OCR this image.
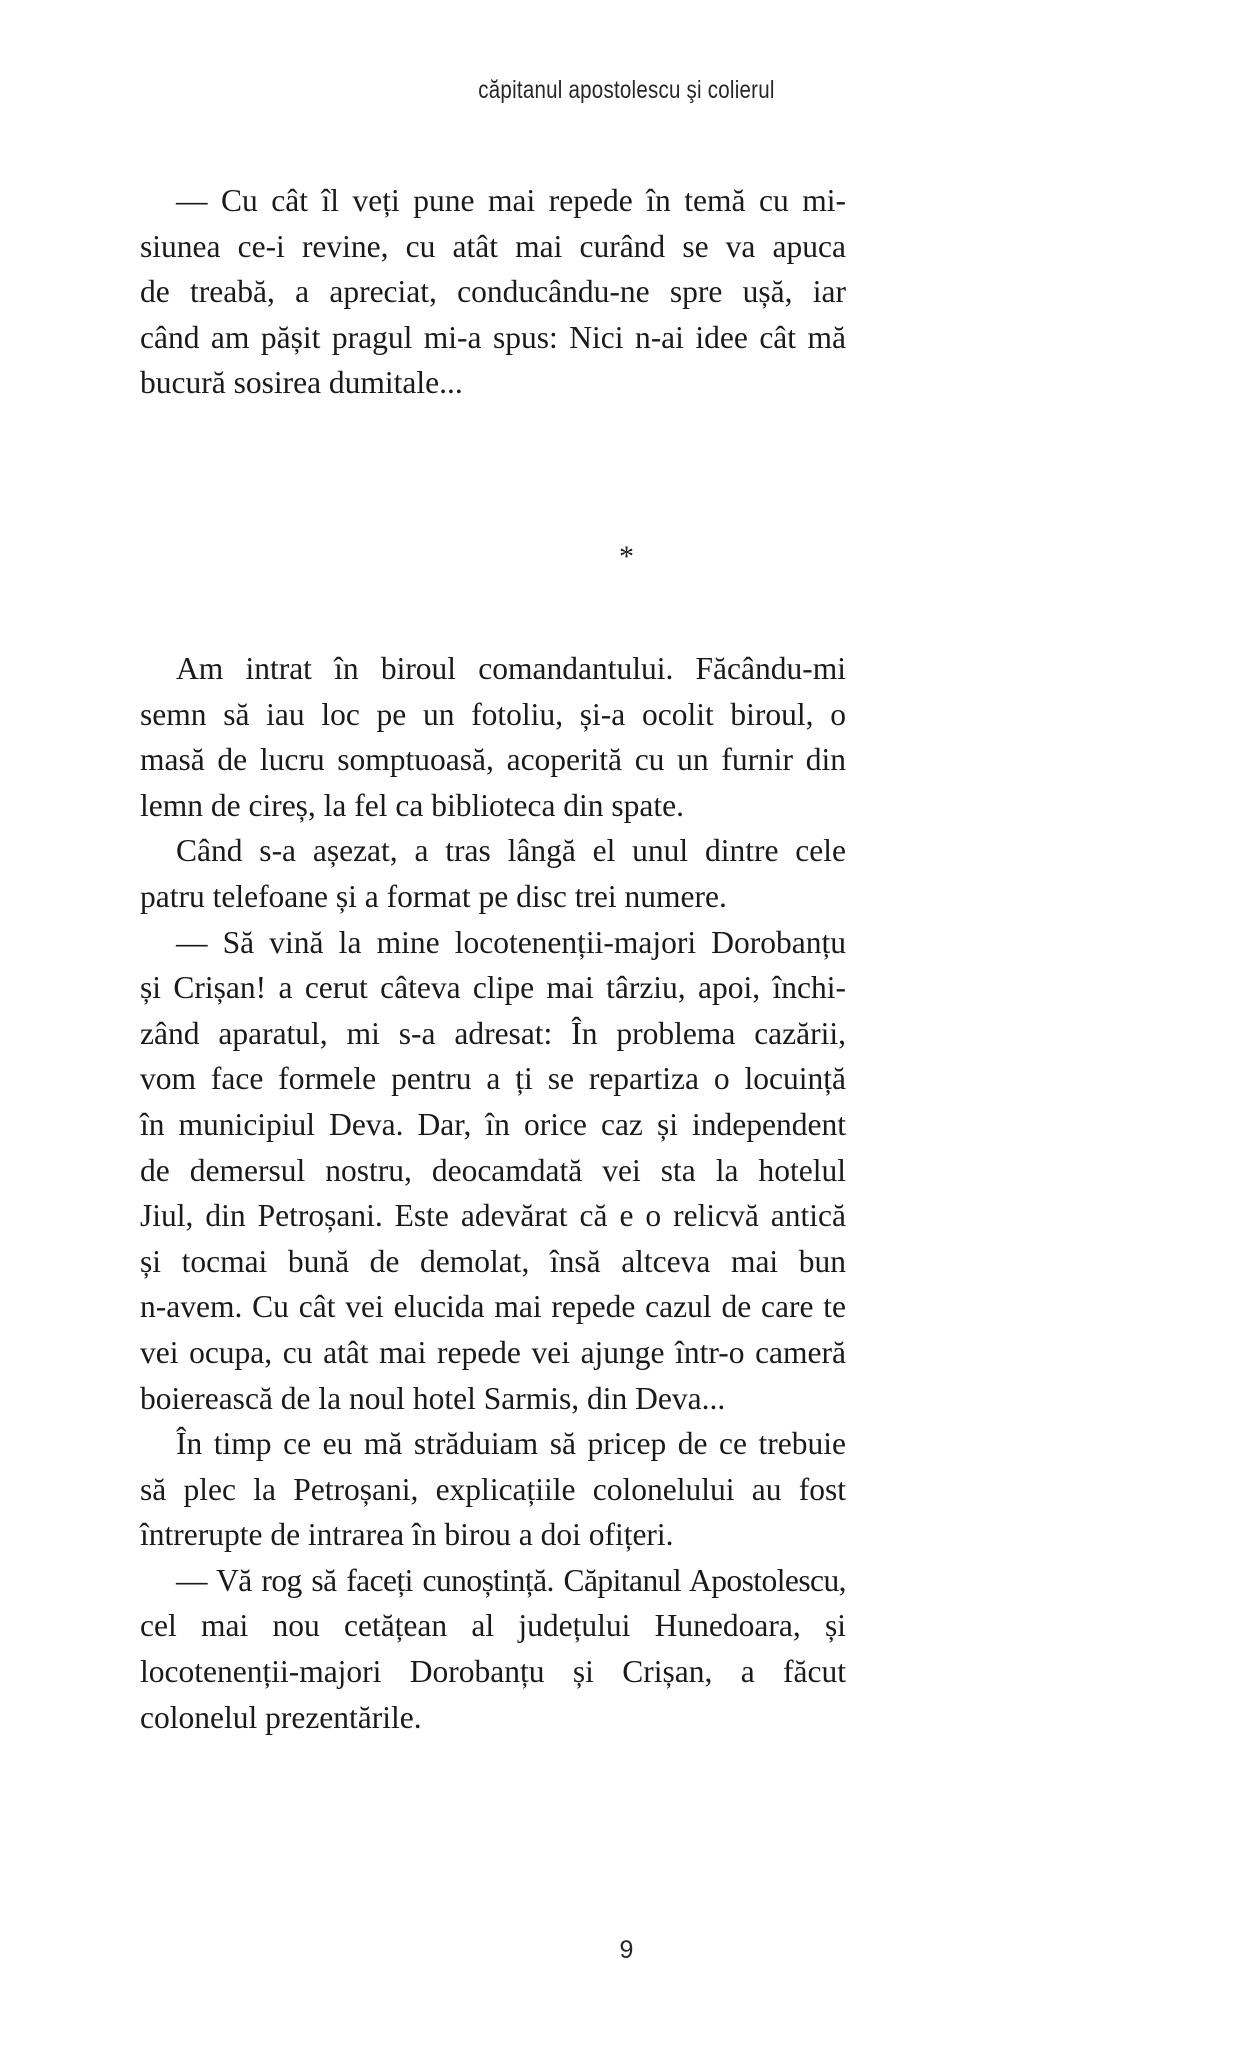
căpitanul apostolescu şi colierul

— Cu cât îl veți pune mai repede în temă cu mi-
siunea ce-i revine, cu atât mai curând se va apuca
de treabă, a apreciat, conducându-ne spre ușă, iar
când am pășit pragul mi-a spus: Nici n-ai idee cât mă
bucură sosirea dumitale...

*

Am intrat în biroul comandantului. Făcându-mi
semn să iau loc pe un fotoliu, și-a ocolit biroul, o
masă de lucru somptuoasă, acoperită cu un furnir din
lemn de cireș, la fel ca biblioteca din spate.

Când s-a așezat, a tras lângă el unul dintre cele
patru telefoane și a format pe disc trei numere.

— Să vină la mine locotenenții-majori Dorobanțu
și Crișan! a cerut câteva clipe mai târziu, apoi, închi-
zând aparatul, mi s-a adresat: În problema cazării,
vom face formele pentru a ți se repartiza o locuință
în municipiul Deva. Dar, în orice caz și independent
de demersul nostru, deocamdată vei sta la hotelul
Jiul, din Petroșani. Este adevărat că e o relicvă antică
și tocmai bună de demolat, însă altceva mai bun
n-avem. Cu cât vei elucida mai repede cazul de care te
vei ocupa, cu atât mai repede vei ajunge într-o cameră
boierească de la noul hotel Sarmis, din Deva...

În timp ce eu mă străduiam să pricep de ce trebuie
să plec la Petroșani, explicațiile colonelului au fost
întrerupte de intrarea în birou a doi ofițeri.

— Vă rog să faceți cunoștință. Căpitanul Apostolescu,
cel mai nou cetățean al județului Hunedoara, și
locotenenții-majori Dorobanțu și Crișan, a făcut
colonelul prezentările.

9
